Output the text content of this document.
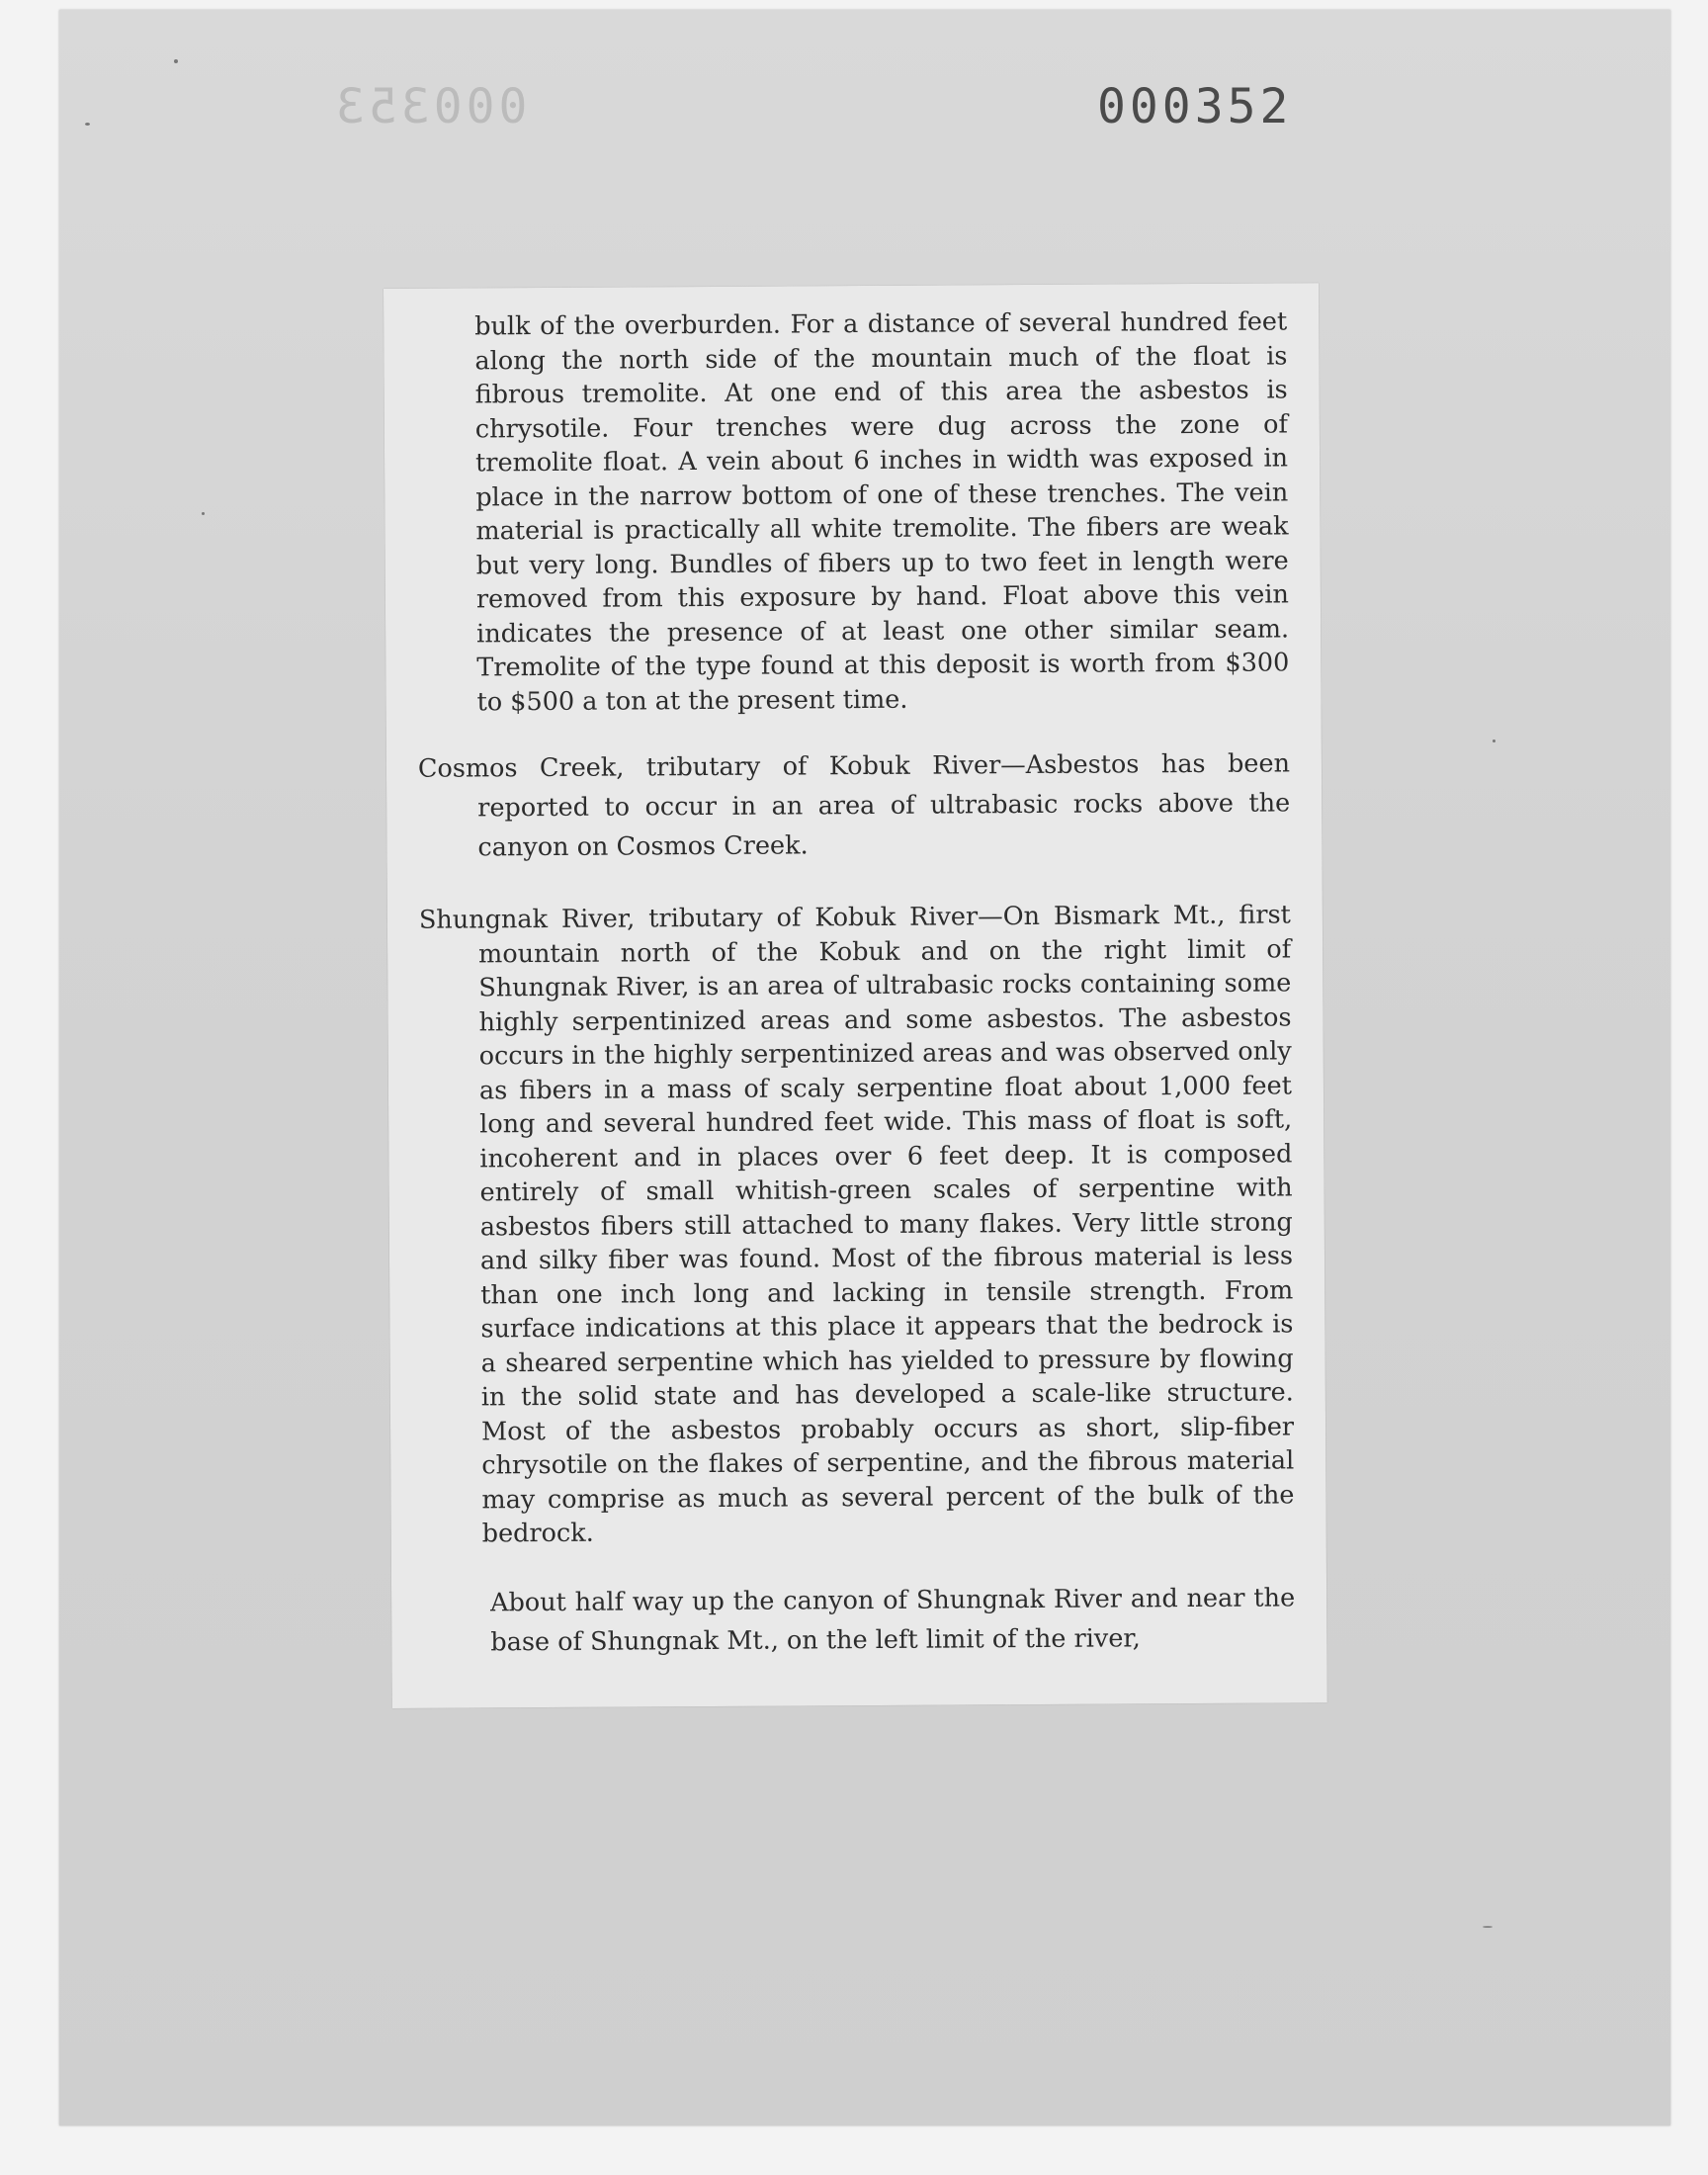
000353	000352

bulk of the overburden. For a distance of several hundred feet along the north side of the mountain much of the float is fibrous tremolite. At one end of this area the asbestos is chrysotile. Four trenches were dug across the zone of tremolite float. A vein about 6 inches in width was exposed in place in the narrow bottom of one of these trenches. The vein material is practically all white tremolite. The fibers are weak but very long. Bundles of fibers up to two feet in length were removed from this exposure by hand. Float above this vein indicates the presence of at least one other similar seam. Tremolite of the type found at this deposit is worth from $300 to $500 a ton at the present time.

Cosmos Creek, tributary of Kobuk River—Asbestos has been reported to occur in an area of ultrabasic rocks above the canyon on Cosmos Creek.

Shungnak River, tributary of Kobuk River—On Bismark Mt., first mountain north of the Kobuk and on the right limit of Shungnak River, is an area of ultrabasic rocks containing some highly serpentinized areas and some asbestos. The asbestos occurs in the highly serpentinized areas and was observed only as fibers in a mass of scaly serpentine float about 1,000 feet long and several hundred feet wide. This mass of float is soft, incoherent and in places over 6 feet deep. It is composed entirely of small whitish-green scales of serpentine with asbestos fibers still attached to many flakes. Very little strong and silky fiber was found. Most of the fibrous material is less than one inch long and lacking in tensile strength. From surface indications at this place it appears that the bedrock is a sheared serpentine which has yielded to pressure by flowing in the solid state and has developed a scale-like structure. Most of the asbestos probably occurs as short, slip-fiber chrysotile on the flakes of serpentine, and the fibrous material may comprise as much as several percent of the bulk of the bedrock.

About half way up the canyon of Shungnak River and near the base of Shungnak Mt., on the left limit of the river,
